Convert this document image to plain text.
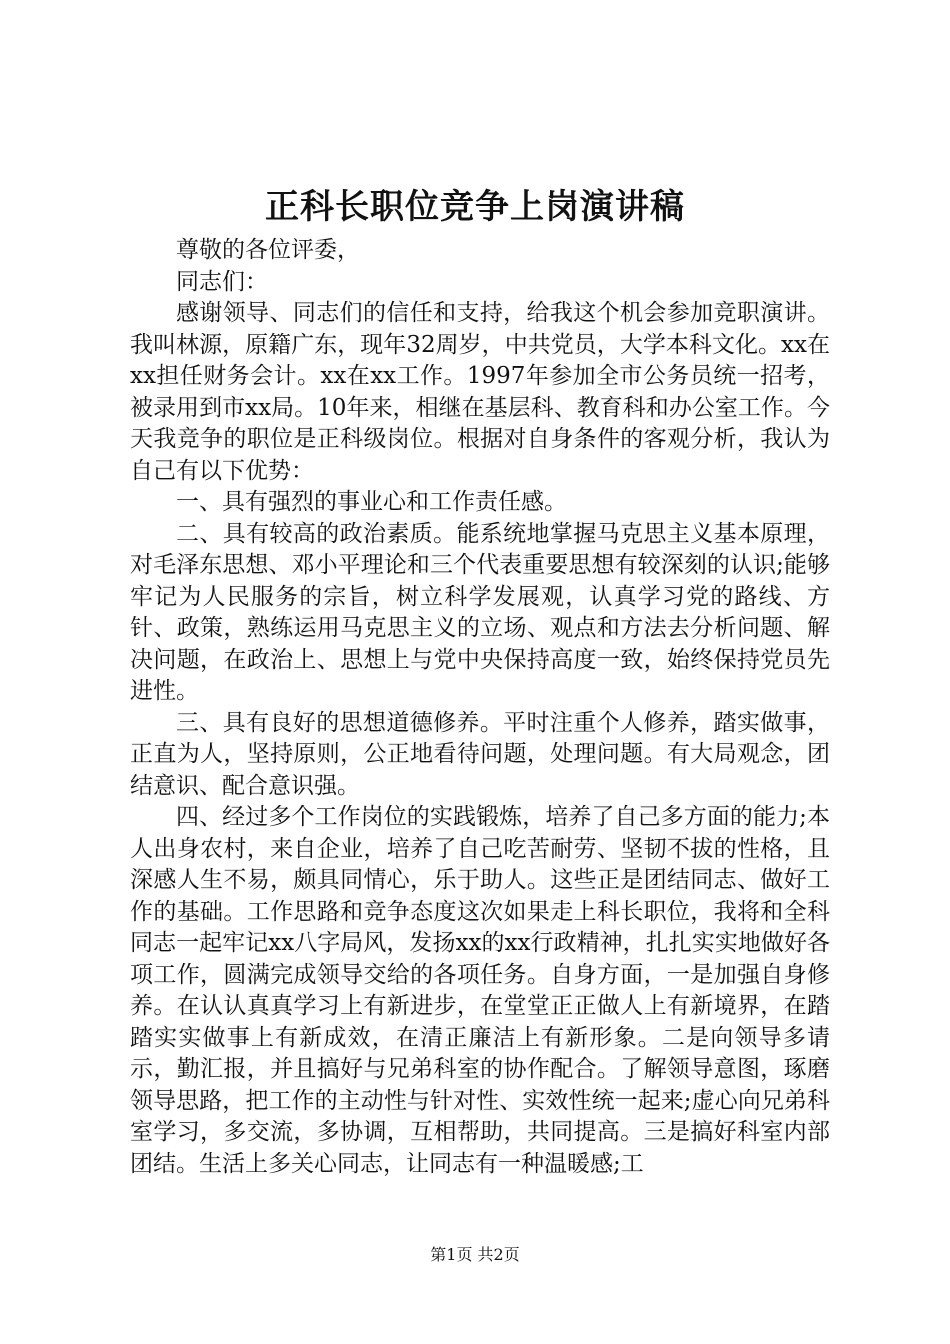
正科长职位竞争上岗演讲稿

尊敬的各位评委，

同志们：

感谢领导、同志们的信任和支持，给我这个机会参加竞职演讲。我叫林源，原籍广东，现年32周岁，中共党员，大学本科文化。xx在xx担任财务会计。xx在xx工作。1997年参加全市公务员统一招考，被录用到市xx局。10年来，相继在基层科、教育科和办公室工作。今天我竞争的职位是正科级岗位。根据对自身条件的客观分析，我认为自己有以下优势：

一、具有强烈的事业心和工作责任感。

二、具有较高的政治素质。能系统地掌握马克思主义基本原理，对毛泽东思想、邓小平理论和三个代表重要思想有较深刻的认识;能够牢记为人民服务的宗旨，树立科学发展观，认真学习党的路线、方针、政策，熟练运用马克思主义的立场、观点和方法去分析问题、解决问题，在政治上、思想上与党中央保持高度一致，始终保持党员先进性。

三、具有良好的思想道德修养。平时注重个人修养，踏实做事，正直为人，坚持原则，公正地看待问题，处理问题。有大局观念，团结意识、配合意识强。

四、经过多个工作岗位的实践锻炼，培养了自己多方面的能力;本人出身农村，来自企业，培养了自己吃苦耐劳、坚韧不拔的性格，且深感人生不易，颇具同情心，乐于助人。这些正是团结同志、做好工作的基础。工作思路和竞争态度这次如果走上科长职位，我将和全科同志一起牢记xx八字局风，发扬xx的xx行政精神，扎扎实实地做好各项工作，圆满完成领导交给的各项任务。自身方面，一是加强自身修养。在认认真真学习上有新进步，在堂堂正正做人上有新境界，在踏踏实实做事上有新成效，在清正廉洁上有新形象。二是向领导多请示，勤汇报，并且搞好与兄弟科室的协作配合。了解领导意图，琢磨领导思路，把工作的主动性与针对性、实效性统一起来;虚心向兄弟科室学习，多交流，多协调，互相帮助，共同提高。三是搞好科室内部团结。生活上多关心同志，让同志有一种温暖感;工

第1页 共2页
